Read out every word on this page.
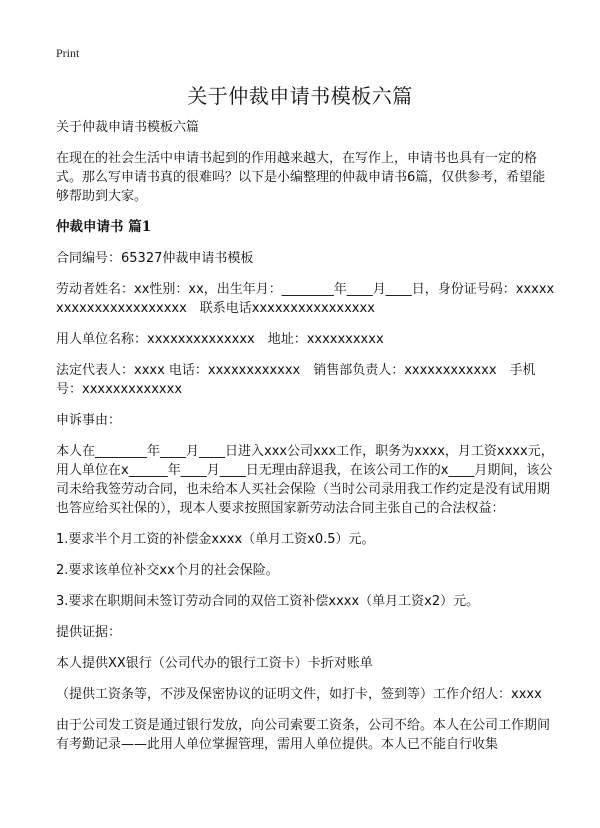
Print
关于仲裁申请书模板六篇

关于仲裁申请书模板六篇

在现在的社会生活中申请书起到的作用越来越大，在写作上，申请书也具有一定的格式。那么写申请书真的很难吗？以下是小编整理的仲裁申请书6篇，仅供参考，希望能够帮助到大家。

仲裁申请书 篇1

合同编号：65327仲裁申请书模板

劳动者姓名：xx性别：xx，出生年月：________年____月____日，身份证号码：xxxxxxxxxxxxxxxxxxxxxx　联系电话xxxxxxxxxxxxxxxx

用人单位名称：xxxxxxxxxxxxxx　地址：xxxxxxxxxx

法定代表人：xxxx 电话：xxxxxxxxxxxx　销售部负责人：xxxxxxxxxxxx　手机号：xxxxxxxxxxxxx

申诉事由：

本人在________年____月____日进入xxx公司xxx工作，职务为xxxx，月工资xxxx元，用人单位在x______年____月____日无理由辞退我，在该公司工作的x____月期间，该公司未给我签劳动合同，也未给本人买社会保险（当时公司录用我工作约定是没有试用期也答应给买社保的），现本人要求按照国家新劳动法合同主张自己的合法权益：

1.要求半个月工资的补偿金xxxx（单月工资x0.5）元。

2.要求该单位补交xx个月的社会保险。

3.要求在职期间未签订劳动合同的双倍工资补偿xxxx（单月工资x2）元。

提供证据：

本人提供XX银行（公司代办的银行工资卡）卡折对账单

（提供工资条等，不涉及保密协议的证明文件，如打卡，签到等）工作介绍人：xxxx

由于公司发工资是通过银行发放，向公司索要工资条，公司不给。本人在公司工作期间有考勤记录——此用人单位掌握管理，需用人单位提供。本人已不能自行收集
